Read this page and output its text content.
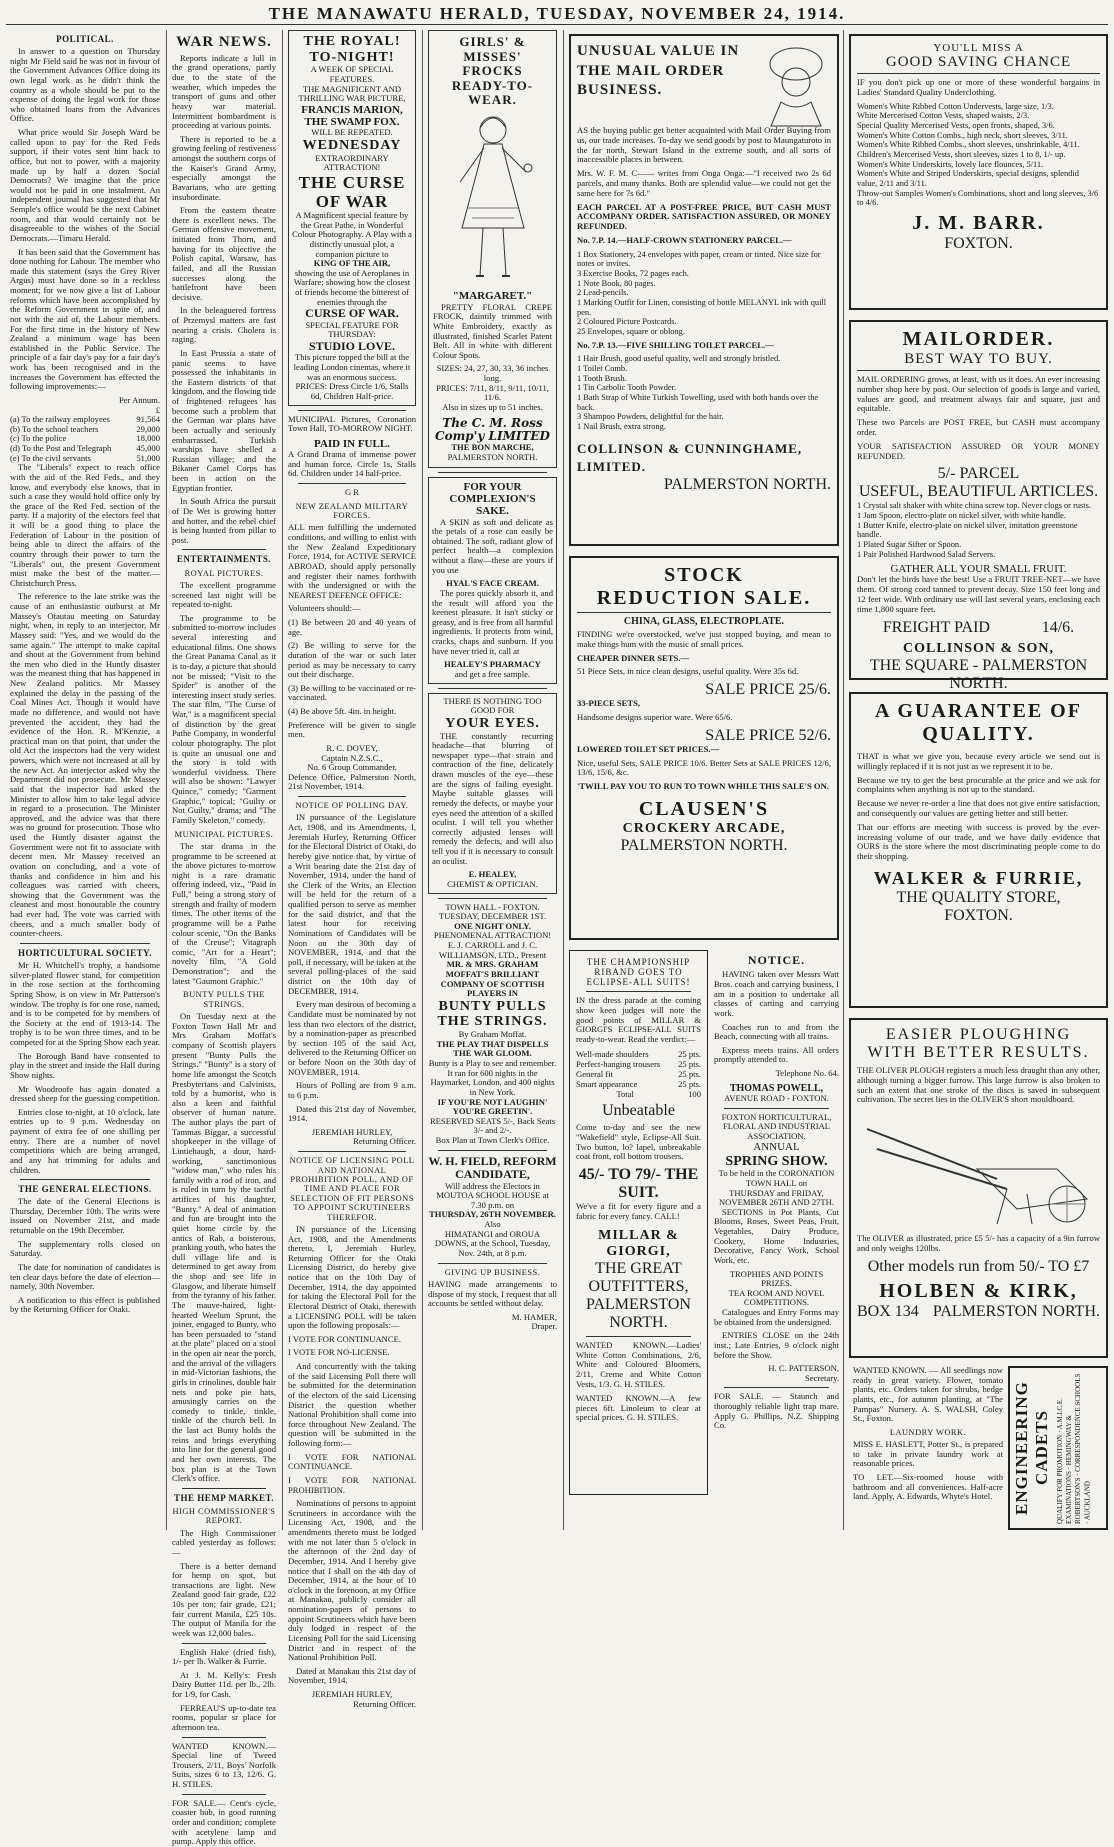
THE MANAWATU HERALD, TUESDAY, NOVEMBER 24, 1914.
POLITICAL.

In answer to a question on Thursday night Mr Field said he was not in favour of the Government Advances Office doing its own legal work as he didn't think the country as a whole should be put to the expense of doing the legal work for those who obtained loans from the Advances Office.

What price would Sir Joseph Ward be called upon to pay for the Red Feds support, if their votes sent him back to office, but not to power, with a majority made up by half a dozen Social Democrats? We imagine that the price would not be paid in one instalment. An independent journal has suggested that Mr Semple's office would be the next Cabinet room, and that would certainly not be disagreeable to the wishes of the Social Democrats.—Timaru Herald.

It has been said that the Government has done nothing for Labour. The member who made this statement (says the Grey River Argus) must have done so in a reckless moment; for we now give a list of Labour reforms which have been accomplished by the Reform Government in spite of, and not with the aid of, the Labour members. For the first time in the history of New Zealand a minimum wage has been established in the Public Service. The principle of a fair day's pay for a fair day's work has been recognised and in the increases the Government has effected the following improvements:—

Per Annum.
£
(a) To the railway employees	91,564
(b) To the school teachers	29,000
(c) To the police	18,000
(d) To the Post and Telegraph	45,000
(e) To the civil servants	51,000

The "Liberals" expect to reach office with the aid of the Red Feds., and they know, and everybody else knows, that in such a case they would hold office only by the grace of the Red Fed. section of the party. If a majority of the electors feel that it will be a good thing to place the Federation of Labour in the position of being able to direct the affairs of the country through their power to turn the "Liberals" out, the present Government must make the best of the matter.—Christchurch Press.

The reference to the late strike was the cause of an enthusiastic outburst at Mr Massey's Otautau meeting on Saturday night, when, in reply to an interjector, Mr Massey said: "Yes, and we would do the same again." The attempt to make capital and shout at the Government from behind the men who died in the Huntly disaster was the meanest thing that has happened in New Zealand politics. Mr Massey explained the delay in the passing of the Coal Mines Act. Though it would have made no difference, and would not have prevented the accident, they had the evidence of the Hon. R. M'Kenzie, a practical man on that point, that under the old Act the inspectors had the very widest powers, which were not increased at all by the new Act. An interjector asked why the Department did not prosecute. Mr Massey said that the inspector had asked the Minister to allow him to take legal advice in regard to a prosecution. The Minister approved, and the advice was that there was no ground for prosecution. Those who used the Huntly disaster against the Government were not fit to associate with decent men. Mr Massey received an ovation on concluding, and a vote of thanks and confidence in him and his colleagues was carried with cheers, showing that the Government was the cleanest and most honourable the country had ever had. The vote was carried with cheers, and a much smaller body of counter-cheers.

HORTICULTURAL SOCIETY.

Mr H. Whitchell's trophy, a handsome silver-plated flower stand, for competition in the rose section at the forthcoming Spring Show, is on view in Mr Patterson's window. The trophy is for one rose, named, and is to be competed for by members of the Society at the end of 1913-14. The trophy is to be won three times, and to be competed for at the Spring Show each year.

The Borough Band have consented to play in the street and inside the Hall during Show nights.

Mr Woodroofe has again donated a dressed sheep for the guessing competition.

Entries close to-night, at 10 o'clock, late entries up to 9 p.m. Wednesday on payment of extra fee of one shilling per entry. There are a number of novel competitions which are being arranged, and any hat trimming for adults and children.

THE GENERAL ELECTIONS.

The date of the General Elections is Thursday, December 10th. The writs were issued on November 21st, and made returnable on the 19th December.

The supplementary rolls closed on Saturday.

The date for nomination of candidates is ten clear days before the date of election—namely, 30th November.

A notification to this effect is published by the Returning Officer for Otaki.

WAR NEWS.

Reports indicate a lull in the grand operations, partly due to the state of the weather, which impedes the transport of guns and other heavy war material. Intermittent bombardment is proceeding at various points.

There is reported to be a growing feeling of restiveness amongst the southern corps of the Kaiser's Grand Army, especially amongst the Bavarians, who are getting insubordinate.

From the eastern theatre there is excellent news. The German offensive movement, initiated from Thorn, and having for its objective the Polish capital, Warsaw, has failed, and all the Russian successes along the battlefront have been decisive.

In the beleaguered fortress of Przemysl matters are fast nearing a crisis. Cholera is raging.

In East Prussia a state of panic seems to have possessed the inhabitants in the Eastern districts of that kingdom, and the flowing tide of frightened refugees has become such a problem that the German war plans have been actually and seriously embarrassed. Turkish warships have shelled a Russian village; and the Bikaner Camel Corps has been in action on the Egyptian frontier.

In South Africa the pursuit of De Wet is growing hotter and hotter, and the rebel chief is being hunted from pillar to post.

ENTERTAINMENTS.
ROYAL PICTURES.

The excellent programme screened last night will be repeated to-night.

The programme to be submitted to-morrow includes several interesting and educational films. One shows the Great Panama Canal as it is to-day, a picture that should not be missed; "Visit to the Spider" is another of the interesting insect study series. The star film, "The Curse of War," is a magnificent special of distinction by the great Pathe Company, in wonderful colour photography. The plot is quite an unusual one and the story is told with wonderful vividness. There will also be shown: "Lawyer Quince," comedy; "Garment Graphic," topical; "Guilty or Not Guilty," drama; and "The Family Skeleton," comedy.

MUNICIPAL PICTURES.

The star drama in the programme to be screened at the above pictures to-morrow night is a rare dramatic offering indeed, viz., "Paid in Full," being a strong story of strength and frailty of modern times. The other items of the programme will be a Pathe colour scenic, "On the Banks of the Creuse"; Vitagraph comic, "Art for a Heart"; novelty film, "A Gold Demonstration"; and the latest "Gaumont Graphic."

BUNTY PULLS THE STRINGS.

On Tuesday next at the Foxton Town Hall Mr and Mrs Graham Moffat's company of Scottish players present "Bunty Pulls the Strings." "Bunty" is a story of home life amongst the Scotch Presbyterians and Calvinists, told by a humorist, who is also a keen and faithful observer of human nature. The author plays the part of Tammas Biggar, a successful shopkeeper in the village of Lintiehaugh, a dour, hard-working, sanctimonious "widow man," who rules his family with a rod of iron, and is ruled in turn by the tactful artifices of his daughter, "Bunty." A deal of animation and fun are brought into the quiet home circle by the antics of Rab, a boisterous, pranking youth, who hates the dull village life and is determined to get away from the shop and see life in Glasgow, and liberate himself from the tyranny of his father. The mauve-haired, light-hearted Weelum Sprunt, the joiner, engaged to Bunty, who has been persuaded to "stand at the plate" placed on a stool in the open air near the porch, and the arrival of the villagers in mid-Victorian fashions, the girls in crinolines, double hair nets and poke pie hats, amusingly carries on the comedy to tinkle, tinkle, tinkle of the church bell. In the last act Bunty holds the reins and brings everything into line for the general good and her own interests. The box plan is at the Town Clerk's office.

THE HEMP MARKET.
HIGH COMMISSIONER'S REPORT.

The High Commissioner cabled yesterday as follows:—

There is a better demand for hemp on spot, but transactions are light. New Zealand good fair grade, £22 10s per ton; fair grade, £21; fair current Manila, £25 10s. The output of Manila for the week was 12,000 bales.

English Hake (dried fish), 1/- per lb. Walker & Furrie.

At J. M. Kelly's: Fresh Dairy Butter 11d. per lb., 2lb. for 1/9, for Cash.

FERREAU'S up-to-date tea rooms, popular sr place for afternoon tea.

WANTED KNOWN.—Special line of Tweed Trousers, 2/11, Boys' Norfolk Suits, sizes 6 to 13, 12/6. G. H. STILES.

FOR SALE.— Cent's cycle, coaster hub, in good running order and condition; complete with acetylene lamp and pump. Apply this office.

THE ROYAL!
TO-NIGHT!
A WEEK OF SPECIAL FEATURES.
THE MAGNIFICENT AND THRILLING WAR PICTURE,
FRANCIS MARION, THE SWAMP FOX.
WILL BE REPEATED.
WEDNESDAY
EXTRAORDINARY ATTRACTION!
THE CURSE OF WAR
A Magnificent special feature by the Great Pathe, in Wonderful Colour Photography. A Play with a distinctly unusual plot, a companion picture to
KING OF THE AIR,
showing the use of Aeroplanes in Warfare; showing how the closest of friends become the bitterest of enemies through the
CURSE OF WAR.
SPECIAL FEATURE FOR THURSDAY:
STUDIO LOVE.
This picture topped the bill at the leading London cinemas, where it was an enormous success.
PRICES: Dress Circle 1/6, Stalls 6d, Children Half-price.

MUNICIPAL Pictures, Coronation Town Hall, TO-MORROW NIGHT.

PAID IN FULL.

A Grand Drama of immense power and human force. Circle 1s, Stalls 6d. Children under 14 half-price.

G R
NEW ZEALAND MILITARY FORCES.

ALL men fulfilling the undernoted conditions, and willing to enlist with the New Zealand Expeditionary Force, 1914, for ACTIVE SERVICE ABROAD, should apply personally and register their names forthwith with the undersigned or with the NEAREST DEFENCE OFFICE:

Volunteers should:—

(1) Be between 20 and 40 years of age.

(2) Be willing to serve for the duration of the war or such later period as may be necessary to carry out their discharge.

(3) Be willing to be vaccinated or re-vaccinated.

(4) Be above 5ft. 4in. in height.

Preference will be given to single men.

R. C. DOVEY,
Captain N.Z.S.C.,
No. 6 Group Commander.

Defence Office, Palmerston North, 21st November, 1914.

NOTICE OF POLLING DAY.

IN pursuance of the Legislature Act, 1908, and its Amendments, I, Jeremiah Hurley, Returning Officer for the Electoral District of Otaki, do hereby give notice that, by virtue of a Writ bearing date the 21st day of November, 1914, under the hand of the Clerk of the Writs, an Election will be held for the return of a qualified person to serve as member for the said district, and that the latest hour for receiving Nominations of Candidates will be Noon on the 30th day of NOVEMBER, 1914, and that the poll, if necessary, will be taken at the several polling-places of the said district on the 10th day of DECEMBER, 1914.

Every man desirous of becoming a Candidate must be nominated by not less than two electors of the district, by a nomination-paper as prescribed by section 105 of the said Act, delivered to the Returning Officer on or before Noon on the 30th day of NOVEMBER, 1914.

Hours of Polling are from 9 a.m. to 6 p.m.

Dated this 21st day of November, 1914.

JEREMIAH HURLEY,
Returning Officer.
NOTICE OF LICENSING POLL AND NATIONAL PROHIBITION POLL, AND OF TIME AND PLACE FOR SELECTION OF FIT PERSONS TO APPOINT SCRUTINEERS THEREFOR.

IN pursuance of the Licensing Act, 1908, and the Amendments thereto, I, Jeremiah Hurley, Returning Officer for the Otaki Licensing District, do hereby give notice that on the 10th Day of December, 1914, the day appointed for taking the Electoral Poll for the Electoral District of Otaki, therewith a LICENSING POLL will be taken upon the following proposals:—

I VOTE FOR CONTINUANCE.

I VOTE FOR NO-LICENSE.

And concurrently with the taking of the said Licensing Poll there will be submitted for the determination of the electors of the said Licensing District the question whether National Prohibition shall come into force throughout New Zealand. The question will be submitted in the following form:—

I VOTE FOR NATIONAL CONTINUANCE.

I VOTE FOR NATIONAL PROHIBITION.

Nominations of persons to appoint Scrutineers in accordance with the Licensing Act, 1908, and the amendments thereto must be lodged with me not later than 5 o'clock in the afternoon of the 2nd day of December, 1914. And I hereby give notice that I shall on the 4th day of December, 1914, at the hour of 10 o'clock in the forenoon, at my Office at Manakau, publicly consider all nomination-papers of persons to appoint Scrutineers which have been duly lodged in respect of the Licensing Poll for the said Licensing District and in respect of the National Prohibition Poll.

Dated at Manakau this 21st day of November, 1914.

JEREMIAH HURLEY,
Returning Officer.
GIRLS' & MISSES' FROCKS READY-TO-WEAR.
"MARGARET."

PRETTY FLORAL CREPE FROCK, daintily trimmed with White Embroidery, exactly as illustrated, finished Scarlet Patent Belt. All in white with different Colour Spots.

SIZES: 24, 27, 30, 33, 36 inches long.
PRICES: 7/11, 8/11, 9/11, 10/11, 11/6.
Also in sizes up to 51 inches.
The C. M. Ross Comp'y LIMITED
THE BON MARCHE,
PALMERSTON NORTH.
FOR YOUR COMPLEXION'S SAKE.

A SKIN as soft and delicate as the petals of a rose can easily be obtained. The soft, radiant glow of perfect health—a complexion without a flaw—these are yours if you use

HYAL'S FACE CREAM.

The pores quickly absorb it, and the result will afford you the keenest pleasure. It isn't sticky or greasy, and is free from all harmful ingredients. It protects from wind, cracks, chaps and sunburn. If you have never tried it, call at

HEALEY'S PHARMACY
and get a free sample.
THERE IS NOTHING TOO GOOD FOR
YOUR EYES.

THE constantly recurring headache—that blurring of newspaper type—that strain and contraction of the fine, delicately drawn muscles of the eye—these are the signs of failing eyesight. Maybe suitable glasses will remedy the defects, or maybe your eyes need the attention of a skilled oculist. I will tell you whether correctly adjusted lenses will remedy the defects, and will also tell you if it is necessary to consult an oculist.

E. HEALEY,
CHEMIST & OPTICIAN.
TOWN HALL - FOXTON. TUESDAY, DECEMBER 1ST.
ONE NIGHT ONLY.
PHENOMENAL ATTRACTION!
E. J. CARROLL and J. C. WILLIAMSON, LTD., Present
MR. & MRS. GRAHAM MOFFAT'S BRILLIANT COMPANY OF SCOTTISH PLAYERS IN
BUNTY PULLS THE STRINGS.
By Graham Moffat.
THE PLAY THAT DISPELLS THE WAR GLOOM.
Bunty is a Play to see and remember. It ran for 600 nights in the Haymarket, London, and 400 nights in New York.
IF YOU'RE NOT LAUGHIN' YOU'RE GREETIN'.
RESERVED SEATS 5/-, Back Seats 3/- and 2/-.
Box Plan at Town Clerk's Office.
W. H. FIELD, REFORM CANDIDATE,
Will address the Electors in MOUTOA SCHOOL HOUSE at 7.30 p.m. on
THURSDAY, 26TH NOVEMBER.
Also
HIMATANGI and OROUA DOWNS, at the School, Tuesday, Nov. 24th, at 8 p.m.
GIVING UP BUSINESS.

HAVING made arrangements to dispose of my stock, I request that all accounts be settled without delay.

M. HAMER,
Draper.
UNUSUAL VALUE IN THE MAIL ORDER BUSINESS.

AS the buying public get better acquainted with Mail Order Buying from us, our trade increases. To-day we send goods by post to Maungaturoto in the far north, Stewart Island in the extreme south, and all sorts of inaccessible places in between.

Mrs. W. F. M. C—— writes from Onga Onga:—"I received two 2s 6d parcels, and many thanks. Both are splendid value—we could not get the same here for 7s 6d."

EACH PARCEL AT A POST-FREE PRICE, BUT CASH MUST ACCOMPANY ORDER. SATISFACTION ASSURED, OR MONEY REFUNDED.

No. 7.P. 14.—HALF-CROWN STATIONERY PARCEL.—

1 Box Stationery, 24 envelopes with paper, cream or tinted. Nice size for notes or invites.
3 Exercise Books, 72 pages each.
1 Note Book, 80 pages.
2 Lead-pencils.
1 Marking Outfit for Linen, consisting of bottle MELANYL ink with quill pen.
2 Coloured Picture Postcards.
25 Envelopes, square or oblong.

No. 7.P. 13.—FIVE SHILLING TOILET PARCEL.—

1 Hair Brush, good useful quality, well and strongly bristled.
1 Toilet Comb.
1 Tooth Brush.
1 Tin Carbolic Tooth Powder.
1 Bath Strap of White Turkish Towelling, used with both hands over the back.
3 Shampoo Powders, delightful for the hair.
1 Nail Brush, extra strong.
COLLINSON & CUNNINGHAME, LIMITED.
PALMERSTON NORTH.
STOCK
REDUCTION SALE.
CHINA, GLASS, ELECTROPLATE.

FINDING we're overstocked, we've just stopped buying, and mean to make things hum with the music of small prices.

CHEAPER DINNER SETS.—

51 Piece Sets, in nice clean designs, useful quality. Were 35s 6d.

SALE PRICE 25/6.

33-PIECE SETS,

Handsome designs superior ware. Were 65/6.

SALE PRICE 52/6.

LOWERED TOILET SET PRICES.—

Nice, useful Sets, SALE PRICE 10/6. Better Sets at SALE PRICES 12/6, 13/6, 15/6, &c.

'TWILL PAY YOU TO RUN TO TOWN WHILE THIS SALE'S ON.

CLAUSEN'S
CROCKERY ARCADE,
PALMERSTON NORTH.
THE CHAMPIONSHIP RIBAND GOES TO ECLIPSE-ALL SUITS!

IN the dress parade at the coming show keen judges will note the good points of MILLAR & GIORGI'S ECLIPSE-ALL SUITS ready-to-wear. Read the verdict:—

Well-made shoulders	25 pts.
Perfect-hanging trousers	25 pts.
General fit	25 pts.
Smart appearance	25 pts.
Total	100
Unbeatable

Come to-day and see the new "Wakefield" style, Eclipse-All Suit. Two button, lo? lapel, unbreakable coat front, roll bottom trousers.

45/- TO 79/- THE SUIT.

We've a fit for every figure and a fabric for every fancy. CALL!

MILLAR & GIORGI,
THE GREAT OUTFITTERS,
PALMERSTON NORTH.

WANTED KNOWN.—Ladies' White Cotton Combinations, 2/6, White and Coloured Bloomers, 2/11, Creme and White Cotton Vests, 1/3. G. H. STILES.

WANTED KNOWN.—A few pieces 6ft. Linoleum to clear at special prices. G. H. STILES.

NOTICE.

HAVING taken over Messrs Watt Bros. coach and carrying business, I am in a position to undertake all classes of carting and carrying work.

Coaches run to and from the Beach, connecting with all trains.

Express meets trains. All orders promptly attended to.

Telephone No. 64.
THOMAS POWELL,
AVENUE ROAD - FOXTON.
FOXTON HORTICULTURAL, FLORAL AND INDUSTRIAL ASSOCIATION.
ANNUAL
SPRING SHOW.
To be held in the CORONATION TOWN HALL on
THURSDAY and FRIDAY, NOVEMBER 26TH AND 27TH.

SECTIONS in Pot Plants, Cut Blooms, Roses, Sweet Peas, Fruit, Vegetables, Dairy Produce, Cookery, Home Industries, Decorative, Fancy Work, School Work, etc.

TROPHIES AND POINTS PRIZES.
TEA ROOM AND NOVEL COMPETITIONS.

Catalogues and Entry Forms may be obtained from the undersigned.

ENTRIES CLOSE on the 24th inst.; Late Entries, 9 o'clock night before the Show.

H. C. PATTERSON,
Secretary.

FOR SALE. — Staunch and thoroughly reliable light trap mare. Apply G. Phillips, N.Z. Shipping Co.

YOU'LL MISS A
GOOD SAVING CHANCE

IF you don't pick up one or more of these wonderful bargains in Ladies' Standard Quality Underclothing.

Women's White Ribbed Cotton Undervests, large size, 1/3.
White Mercerised Cotton Vests, shaped waists, 2/3.
Special Quality Mercerised Vests, open fronts, shaped, 3/6.
Women's White Cotton Combs., high neck, short sleeves, 3/11.
Women's White Ribbed Combs., short sleeves, unshrinkable, 4/11.
Children's Mercerised Vests, short sleeves, sizes 1 to 8, 1/- up.
Women's White Underskirts, lovely lace flounces, 5/11.
Women's White and Striped Underskirts, special designs, splendid value, 2/11 and 3/11.
Throw-out Samples Women's Combinations, short and long sleeves, 3/6 to 4/6.
J. M. BARR.
FOXTON.
MAILORDER.
BEST WAY TO BUY.

MAIL ORDERING grows, at least, with us it does. An ever increasing number shop here by post. Our selection of goods is large and varied, values are good, and treatment always fair and square, just and equitable.

These two Parcels are POST FREE, but CASH must accompany order.

YOUR SATISFACTION ASSURED OR YOUR MONEY REFUNDED.

5/- PARCEL
USEFUL, BEAUTIFUL ARTICLES.
1 Crystal salt shaker with white china screw top. Never clogs or rusts.
1 Jam Spoon, electro-plate on nickel silver, with white handle.
1 Butter Knife, electro-plate on nickel silver, imitation greenstone handle.
1 Plated Sugar Sifter or Spoon.
1 Pair Polished Hardwood Salad Servers.
GATHER ALL YOUR SMALL FRUIT.

Don't let the birds have the best! Use a FRUIT TREE-NET—we have them. Of strong cord tanned to prevent decay. Size 150 feet long and 12 feet wide. With ordinary use will last several years, enclosing each time 1,800 square feet.

FREIGHT PAID	14/6.
COLLINSON & SON,
THE SQUARE - PALMERSTON NORTH.
A GUARANTEE OF
QUALITY.

THAT is what we give you, because every article we send out is willingly replaced if it is not just as we represent it to be.

Because we try to get the best procurable at the price and we ask for complaints when anything is not up to the standard.

Because we never re-order a line that does not give entire satisfaction, and consequently our values are getting better and still better.

That our efforts are meeting with success is proved by the ever-increasing volume of our trade, and we have daily evidence that OURS is the store where the most discriminating people come to do their shopping.

WALKER & FURRIE,
THE QUALITY STORE,
FOXTON.
EASIER PLOUGHING
WITH BETTER RESULTS.

THE OLIVER PLOUGH registers a much less draught than any other, although turning a bigger furrow. This large furrow is also broken to such an extent that one stroke of the discs is saved in subsequent cultivation. The secret lies in the OLIVER'S short mouldboard.

The OLIVER as illustrated, price £5 5/- has a capacity of a 9in furrow and only weighs 120lbs.

Other models run from 50/- TO £7
HOLBEN & KIRK,
BOX 134 PALMERSTON NORTH.

WANTED KNOWN. — All seedlings now ready in great variety. Flower, tomato plants, etc. Orders taken for shrubs, hedge plants, etc., for autumn planting, at "The Pampas" Nursery. A. S. WALSH, Coley St., Foxton.

LAUNDRY WORK.

MISS E. HASLETT, Potter St., is prepared to take in private laundry work at reasonable prices.

TO LET.—Six-roomed house with bathroom and all conveniences. Half-acre land. Apply, A. Edwards, Whyte's Hotel.	ENGINEERING CADETS QUALIFY FOR PROMOTION · A.M.I.C.E. EXAMINATIONS · HEMINGWAY & ROBERTSON'S · CORRESPONDENCE SCHOOLS · AUCKLAND
